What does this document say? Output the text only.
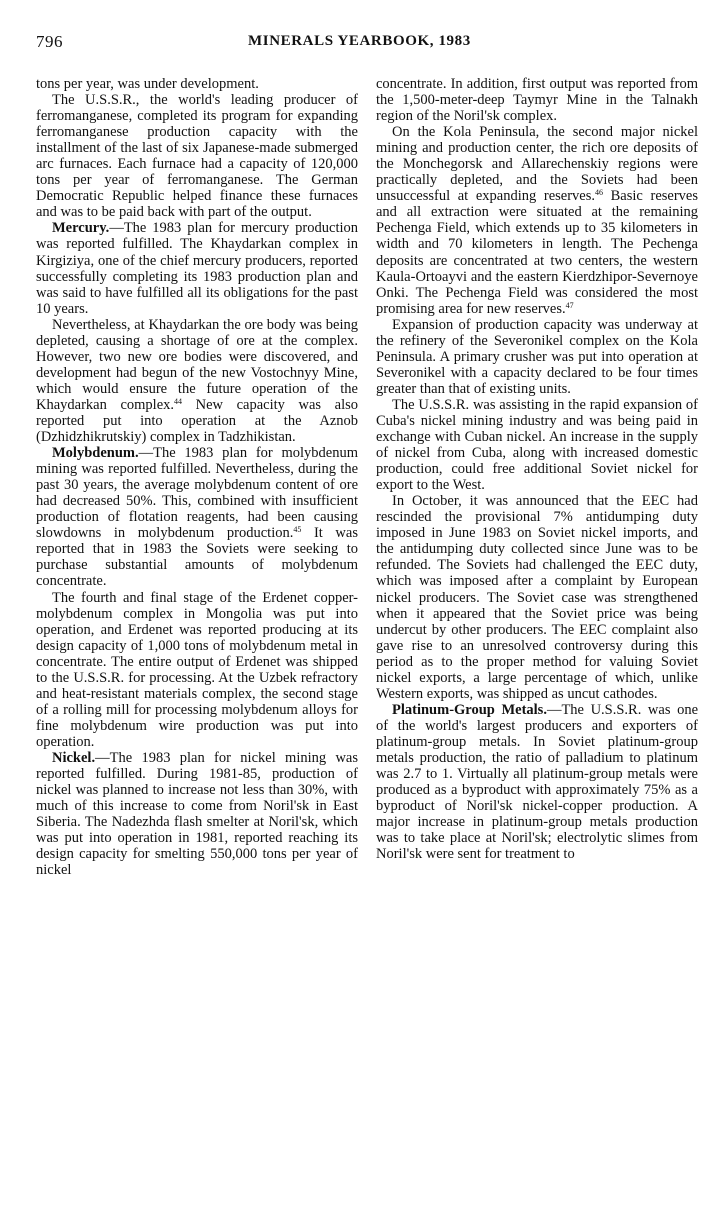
796	MINERALS YEARBOOK, 1983

tons per year, was under development.

The U.S.S.R., the world's leading producer of ferromanganese, completed its program for expanding ferromanganese production capacity with the installment of the last of six Japanese-made submerged arc furnaces. Each furnace had a capacity of 120,000 tons per year of ferromanganese. The German Democratic Republic helped finance these furnaces and was to be paid back with part of the output.

Mercury.—The 1983 plan for mercury production was reported fulfilled. The Khaydarkan complex in Kirgiziya, one of the chief mercury producers, reported successfully completing its 1983 production plan and was said to have fulfilled all its obligations for the past 10 years.

Nevertheless, at Khaydarkan the ore body was being depleted, causing a shortage of ore at the complex. However, two new ore bodies were discovered, and development had begun of the new Vostochnyy Mine, which would ensure the future operation of the Khaydarkan complex.$^{44}$ New capacity was also reported put into operation at the Aznob (Dzhidzhikrutskiy) complex in Tadzhikistan.

Molybdenum.—The 1983 plan for molybdenum mining was reported fulfilled. Nevertheless, during the past 30 years, the average molybdenum content of ore had decreased 50%. This, combined with insufficient production of flotation reagents, had been causing slowdowns in molybdenum production.$^{45}$ It was reported that in 1983 the Soviets were seeking to purchase substantial amounts of molybdenum concentrate.

The fourth and final stage of the Erdenet copper-molybdenum complex in Mongolia was put into operation, and Erdenet was reported producing at its design capacity of 1,000 tons of molybdenum metal in concentrate. The entire output of Erdenet was shipped to the U.S.S.R. for processing. At the Uzbek refractory and heat-resistant materials complex, the second stage of a rolling mill for processing molybdenum alloys for fine molybdenum wire production was put into operation.

Nickel.—The 1983 plan for nickel mining was reported fulfilled. During 1981-85, production of nickel was planned to increase not less than 30%, with much of this increase to come from Noril'sk in East Siberia. The Nadezhda flash smelter at Noril'sk, which was put into operation in 1981, reported reaching its design capacity for smelting 550,000 tons per year of nickel

concentrate. In addition, first output was reported from the 1,500-meter-deep Taymyr Mine in the Talnakh region of the Noril'sk complex.

On the Kola Peninsula, the second major nickel mining and production center, the rich ore deposits of the Monchegorsk and Allarechenskiy regions were practically depleted, and the Soviets had been unsuccessful at expanding reserves.$^{46}$ Basic reserves and all extraction were situated at the remaining Pechenga Field, which extends up to 35 kilometers in width and 70 kilometers in length. The Pechenga deposits are concentrated at two centers, the western Kaula-Ortoayvi and the eastern Kierdzhipor-Severnoye Onki. The Pechenga Field was considered the most promising area for new reserves.$^{47}$

Expansion of production capacity was underway at the refinery of the Severonikel complex on the Kola Peninsula. A primary crusher was put into operation at Severonikel with a capacity declared to be four times greater than that of existing units.

The U.S.S.R. was assisting in the rapid expansion of Cuba's nickel mining industry and was being paid in exchange with Cuban nickel. An increase in the supply of nickel from Cuba, along with increased domestic production, could free additional Soviet nickel for export to the West.

In October, it was announced that the EEC had rescinded the provisional 7% antidumping duty imposed in June 1983 on Soviet nickel imports, and the antidumping duty collected since June was to be refunded. The Soviets had challenged the EEC duty, which was imposed after a complaint by European nickel producers. The Soviet case was strengthened when it appeared that the Soviet price was being undercut by other producers. The EEC complaint also gave rise to an unresolved controversy during this period as to the proper method for valuing Soviet nickel exports, a large percentage of which, unlike Western exports, was shipped as uncut cathodes.

Platinum-Group Metals.—The U.S.S.R. was one of the world's largest producers and exporters of platinum-group metals. In Soviet platinum-group metals production, the ratio of palladium to platinum was 2.7 to 1. Virtually all platinum-group metals were produced as a byproduct with approximately 75% as a byproduct of Noril'sk nickel-copper production. A major increase in platinum-group metals production was to take place at Noril'sk; electrolytic slimes from Noril'sk were sent for treatment to
